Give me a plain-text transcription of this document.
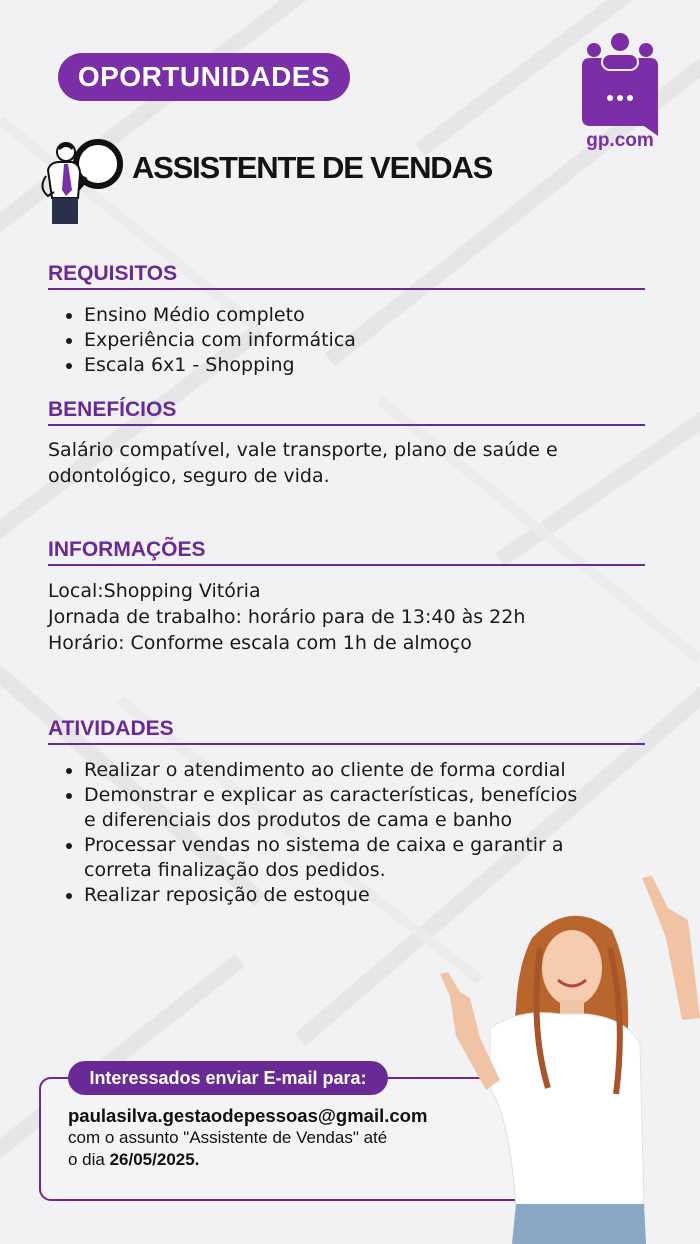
OPORTUNIDADES
gp.com
ASSISTENTE DE VENDAS
REQUISITOS
• Ensino Médio completo
• Experiência com informática
• Escala 6x1 - Shopping
BENEFÍCIOS
Salário compatível, vale transporte, plano de saúde e
odontológico, seguro de vida.
INFORMAÇÕES
Local:Shopping Vitória
Jornada de trabalho: horário para de 13:40 às 22h
Horário: Conforme escala com 1h de almoço
ATIVIDADES
• Realizar o atendimento ao cliente de forma cordial
• Demonstrar e explicar as características, benefícios
e diferenciais dos produtos de cama e banho
• Processar vendas no sistema de caixa e garantir a
correta finalização dos pedidos.
• Realizar reposição de estoque
Interessados enviar E-mail para:
paulasilva.gestaodepessoas@gmail.com
com o assunto "Assistente de Vendas" até
o dia 26/05/2025.
